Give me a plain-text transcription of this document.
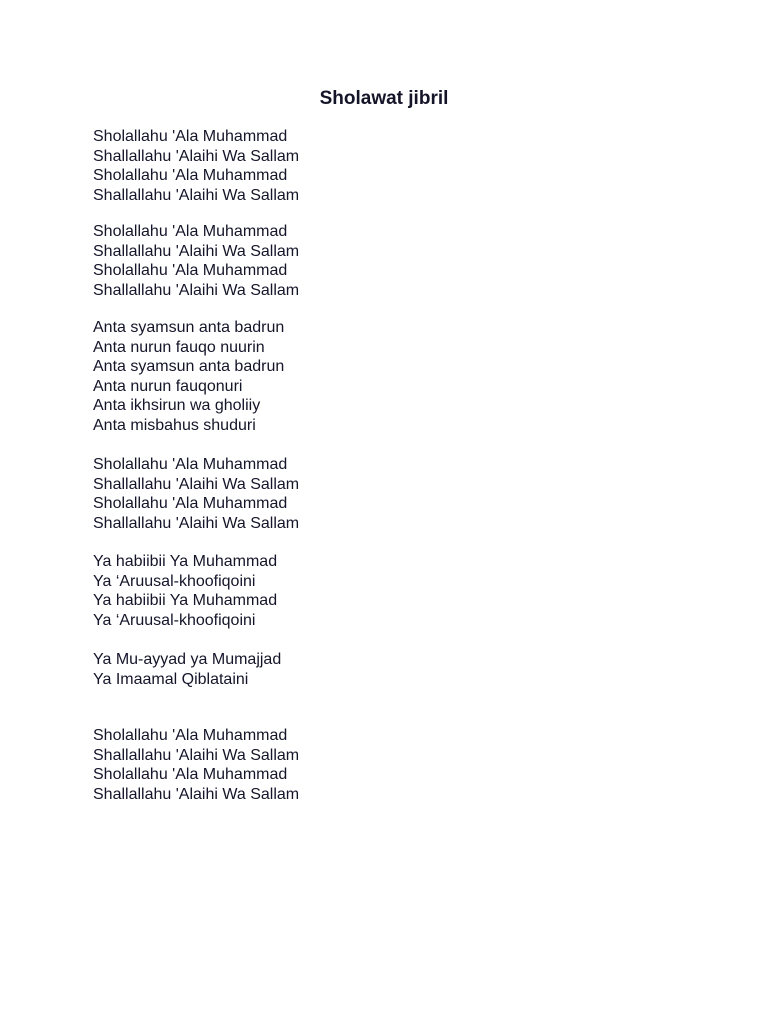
Sholawat jibril
Sholallahu 'Ala Muhammad
Shallallahu 'Alaihi Wa Sallam
Sholallahu 'Ala Muhammad
Shallallahu 'Alaihi Wa Sallam
Sholallahu 'Ala Muhammad
Shallallahu 'Alaihi Wa Sallam
Sholallahu 'Ala Muhammad
Shallallahu 'Alaihi Wa Sallam
Anta syamsun anta badrun
Anta nurun fauqo nuurin
Anta syamsun anta badrun
Anta nurun fauqonuri
Anta ikhsirun wa gholiiy
Anta misbahus shuduri
Sholallahu 'Ala Muhammad
Shallallahu 'Alaihi Wa Sallam
Sholallahu 'Ala Muhammad
Shallallahu 'Alaihi Wa Sallam
Ya habiibii Ya Muhammad
Ya ‘Aruusal-khoofiqoini
Ya habiibii Ya Muhammad
Ya ‘Aruusal-khoofiqoini
Ya Mu-ayyad ya Mumajjad
Ya Imaamal Qiblataini
Sholallahu 'Ala Muhammad
Shallallahu 'Alaihi Wa Sallam
Sholallahu 'Ala Muhammad
Shallallahu 'Alaihi Wa Sallam
